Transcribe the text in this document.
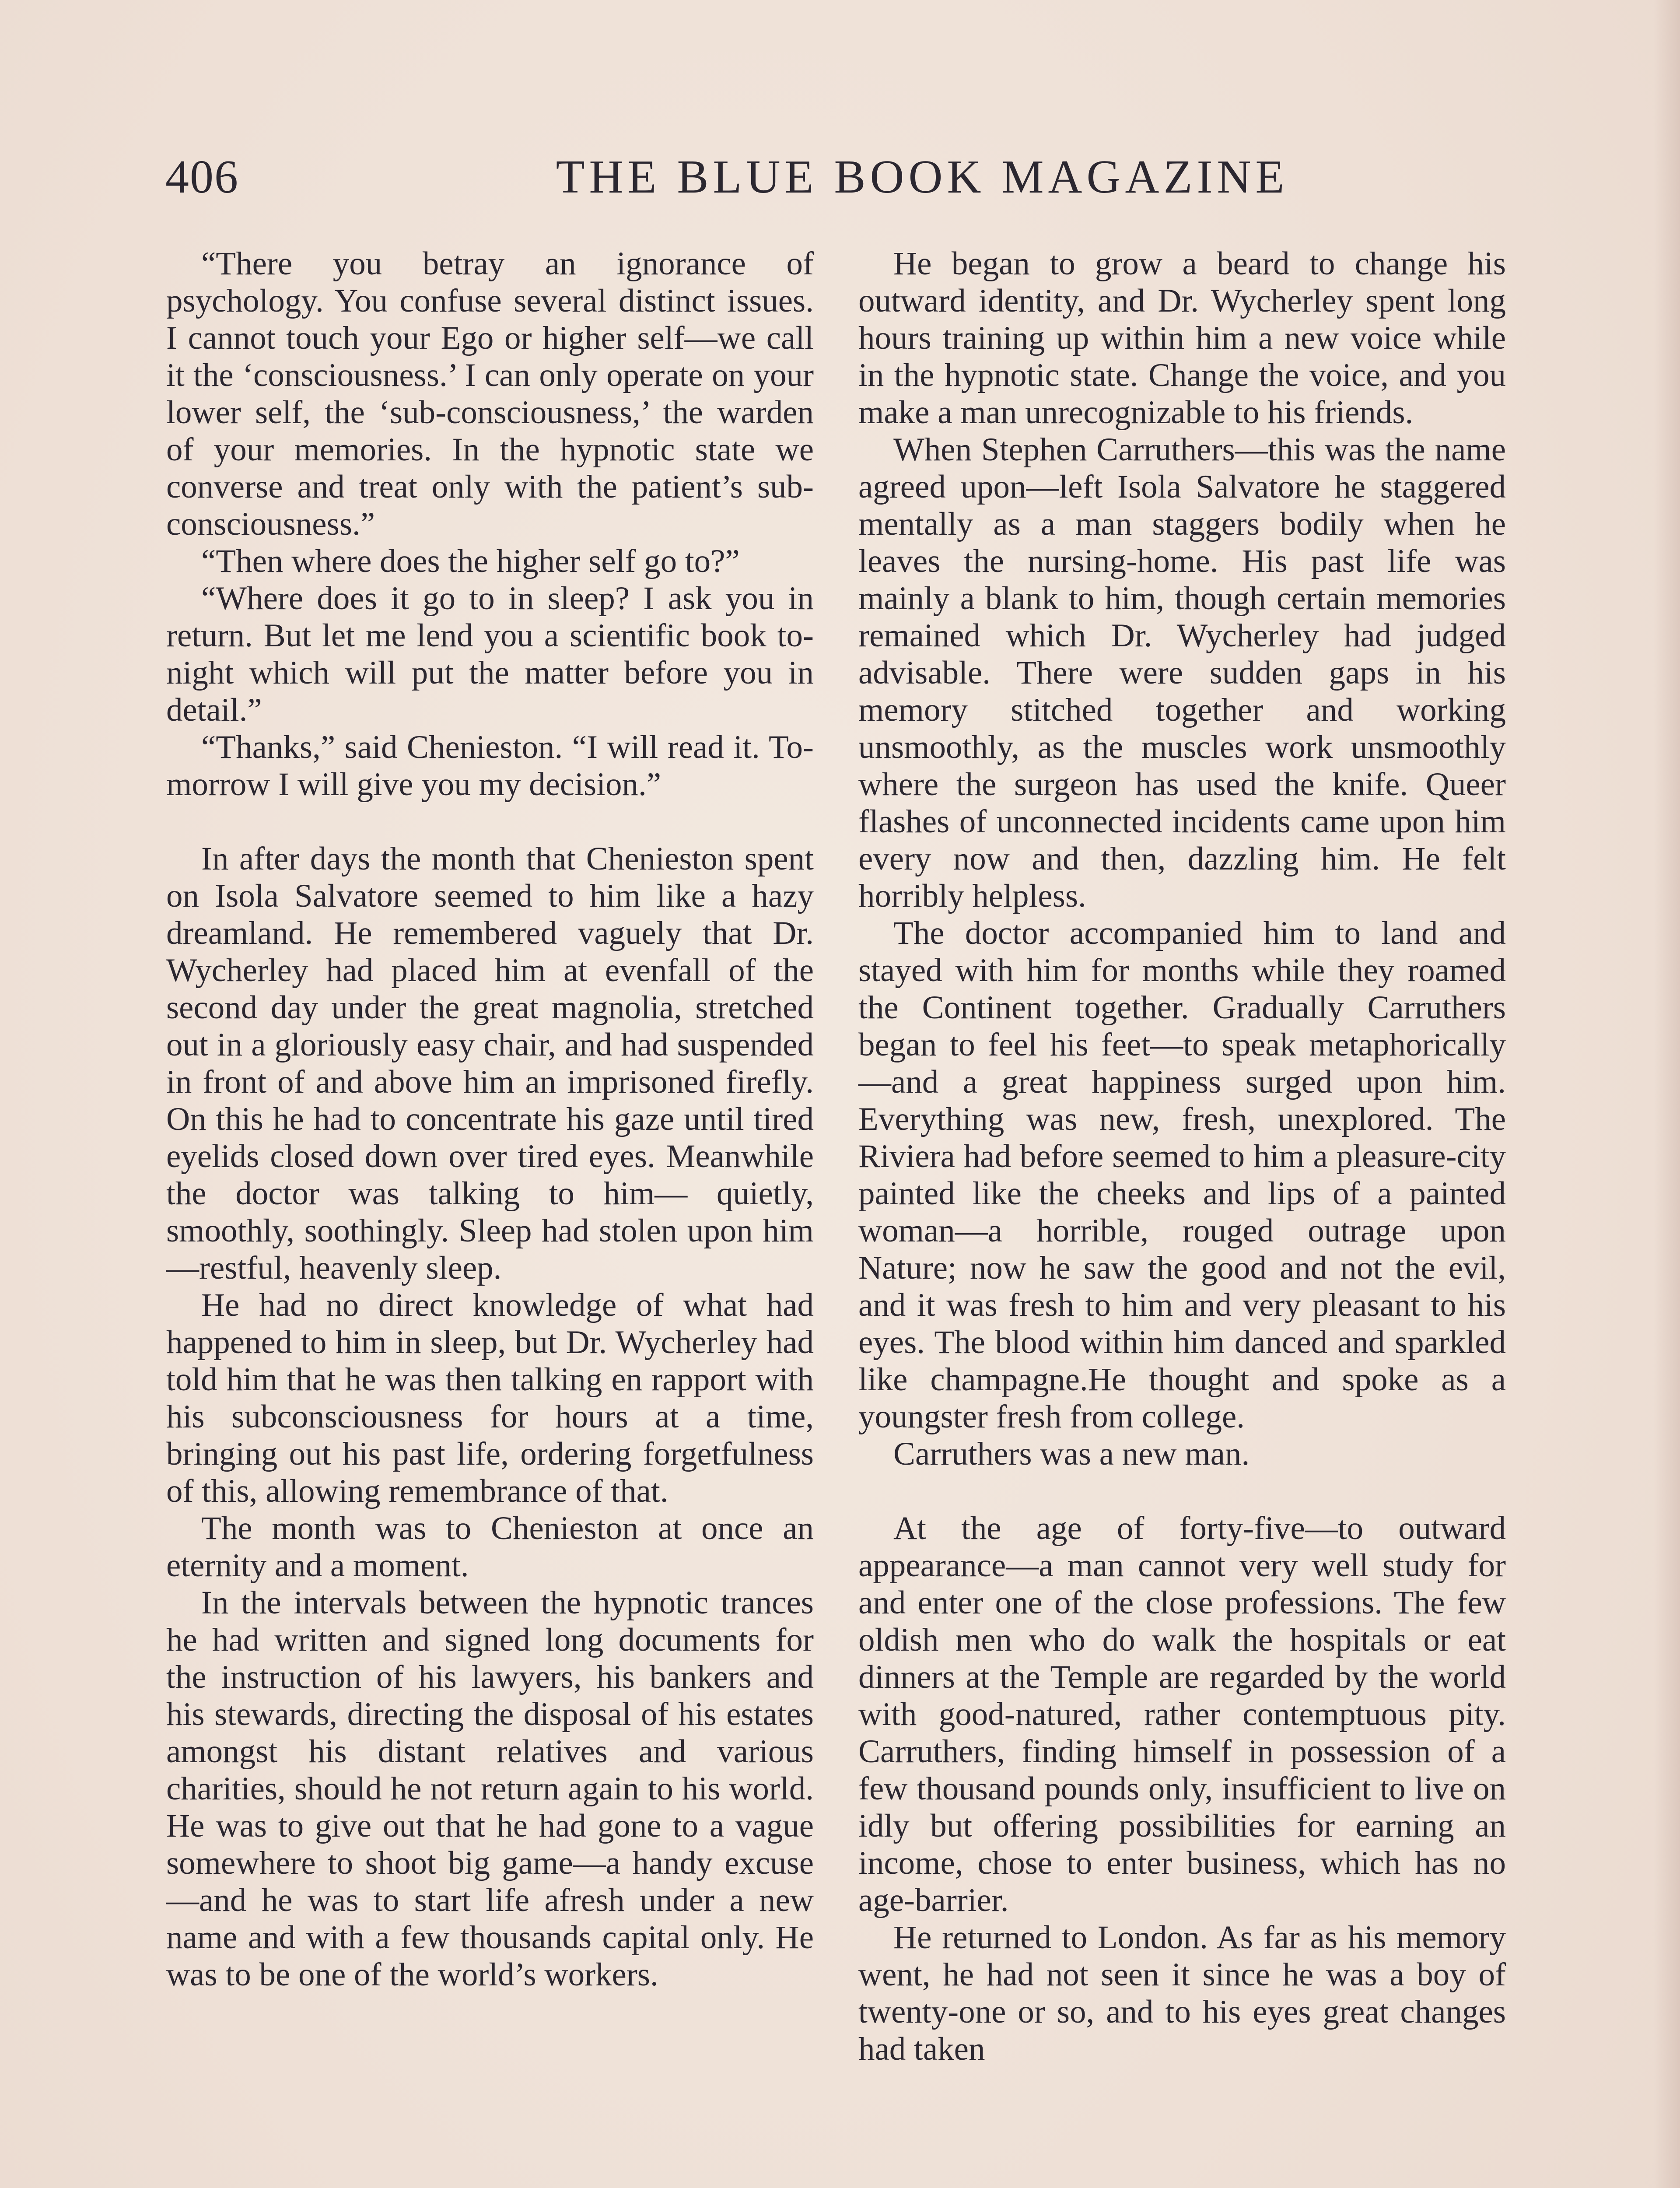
406	THE BLUE BOOK MAGAZINE

“There you betray an ignorance of psychology. You confuse several distinct issues. I cannot touch your Ego or higher self—we call it the ‘consciousness.’ I can only operate on your lower self, the ‘sub-consciousness,’ the warden of your memories. In the hypnotic state we converse and treat only with the patient’s sub-consciousness.”

“Then where does the higher self go to?”

“Where does it go to in sleep? I ask you in return. But let me lend you a scientific book to-night which will put the matter before you in detail.”

“Thanks,” said Chenieston. “I will read it. To-morrow I will give you my decision.”

In after days the month that Chenieston spent on Isola Salvatore seemed to him like a hazy dreamland. He remembered vaguely that Dr. Wycherley had placed him at evenfall of the second day under the great magnolia, stretched out in a gloriously easy chair, and had suspended in front of and above him an imprisoned firefly. On this he had to concentrate his gaze until tired eyelids closed down over tired eyes. Meanwhile the doctor was talking to him— quietly, smoothly, soothingly. Sleep had stolen upon him—restful, heavenly sleep.

He had no direct knowledge of what had happened to him in sleep, but Dr. Wycherley had told him that he was then talking en rapport with his subconsciousness for hours at a time, bringing out his past life, ordering forgetfulness of this, allowing remembrance of that.

The month was to Chenieston at once an eternity and a moment.

In the intervals between the hypnotic trances he had written and signed long documents for the instruction of his lawyers, his bankers and his stewards, directing the disposal of his estates amongst his distant relatives and various charities, should he not return again to his world. He was to give out that he had gone to a vague somewhere to shoot big game—a handy excuse—and he was to start life afresh under a new name and with a few thousands capital only. He was to be one of the world’s workers.

He began to grow a beard to change his outward identity, and Dr. Wycherley spent long hours training up within him a new voice while in the hypnotic state. Change the voice, and you make a man unrecognizable to his friends.

When Stephen Carruthers—this was the name agreed upon—left Isola Salvatore he staggered mentally as a man staggers bodily when he leaves the nursing-home. His past life was mainly a blank to him, though certain memories remained which Dr. Wycherley had judged advisable. There were sudden gaps in his memory stitched together and working unsmoothly, as the muscles work unsmoothly where the surgeon has used the knife. Queer flashes of unconnected incidents came upon him every now and then, dazzling him. He felt horribly helpless.

The doctor accompanied him to land and stayed with him for months while they roamed the Continent together. Gradually Carruthers began to feel his feet—to speak metaphorically—and a great happiness surged upon him. Everything was new, fresh, unexplored. The Riviera had before seemed to him a pleasure-city painted like the cheeks and lips of a painted woman—a horrible, rouged outrage upon Nature; now he saw the good and not the evil, and it was fresh to him and very pleasant to his eyes. The blood within him danced and sparkled like champagne.He thought and spoke as a youngster fresh from college.

Carruthers was a new man.

At the age of forty-five—to outward appearance—a man cannot very well study for and enter one of the close professions. The few oldish men who do walk the hospitals or eat dinners at the Temple are regarded by the world with good-natured, rather contemptuous pity. Carruthers, finding himself in possession of a few thousand pounds only, insufficient to live on idly but offering possibilities for earning an income, chose to enter business, which has no age-barrier.

He returned to London. As far as his memory went, he had not seen it since he was a boy of twenty-one or so, and to his eyes great changes had taken
